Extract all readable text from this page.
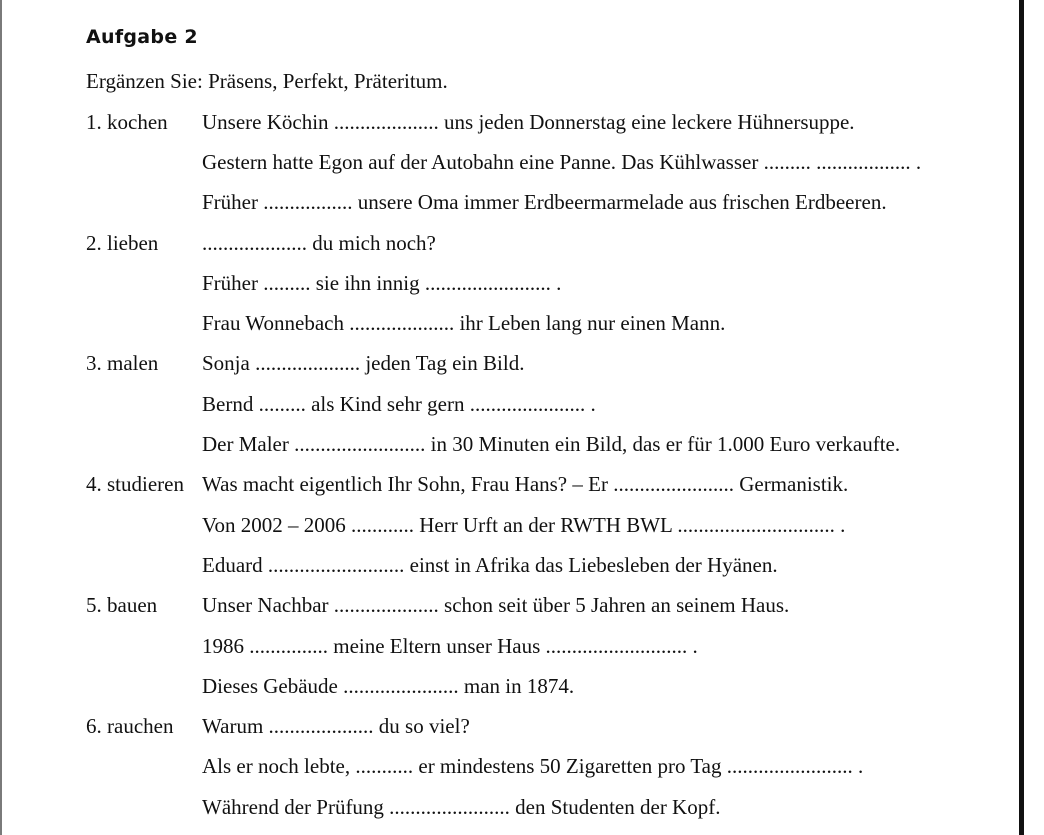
Aufgabe 2
Ergänzen Sie: Präsens, Perfekt, Präteritum.
1. kochen	Unsere Köchin .................... uns jeden Donnerstag eine leckere Hühnersuppe.
Gestern hatte Egon auf der Autobahn eine Panne. Das Kühlwasser ......... .................. .
Früher ................. unsere Oma immer Erdbeermarmelade aus frischen Erdbeeren.
2. lieben	.................... du mich noch?
Früher ......... sie ihn innig ........................ .
Frau Wonnebach .................... ihr Leben lang nur einen Mann.
3. malen	Sonja .................... jeden Tag ein Bild.
Bernd ......... als Kind sehr gern ...................... .
Der Maler ......................... in 30 Minuten ein Bild, das er für 1.000 Euro verkaufte.
4. studieren Was macht eigentlich Ihr Sohn, Frau Hans? – Er ....................... Germanistik.
Von 2002 – 2006 ............ Herr Urft an der RWTH BWL .............................. .
Eduard .......................... einst in Afrika das Liebesleben der Hyänen.
5. bauen	Unser Nachbar .................... schon seit über 5 Jahren an seinem Haus.
1986 ............... meine Eltern unser Haus ........................... .
Dieses Gebäude ...................... man in 1874.
6. rauchen	Warum .................... du so viel?
Als er noch lebte, ........... er mindestens 50 Zigaretten pro Tag ........................ .
Während der Prüfung ....................... den Studenten der Kopf.
